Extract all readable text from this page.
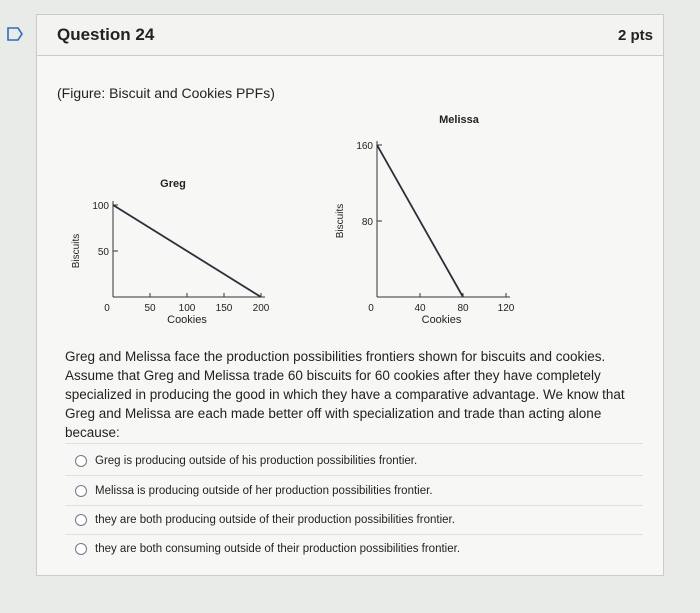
Question 24	2 pts
(Figure: Biscuit and Cookies PPFs)
Greg
0	50 100 150 200
50
100
Cookies
Biscuits
Melissa
0	40	80	120
80
160
Cookies
Biscuits
Greg and Melissa face the production possibilities frontiers shown for biscuits and cookies. Assume that Greg and Melissa trade 60 biscuits for 60 cookies after they have completely specialized in producing the good in which they have a comparative advantage. We know that Greg and Melissa are each made better off with specialization and trade than acting alone because:
Greg is producing outside of his production possibilities frontier.
Melissa is producing outside of her production possibilities frontier.
they are both producing outside of their production possibilities frontier.
they are both consuming outside of their production possibilities frontier.
